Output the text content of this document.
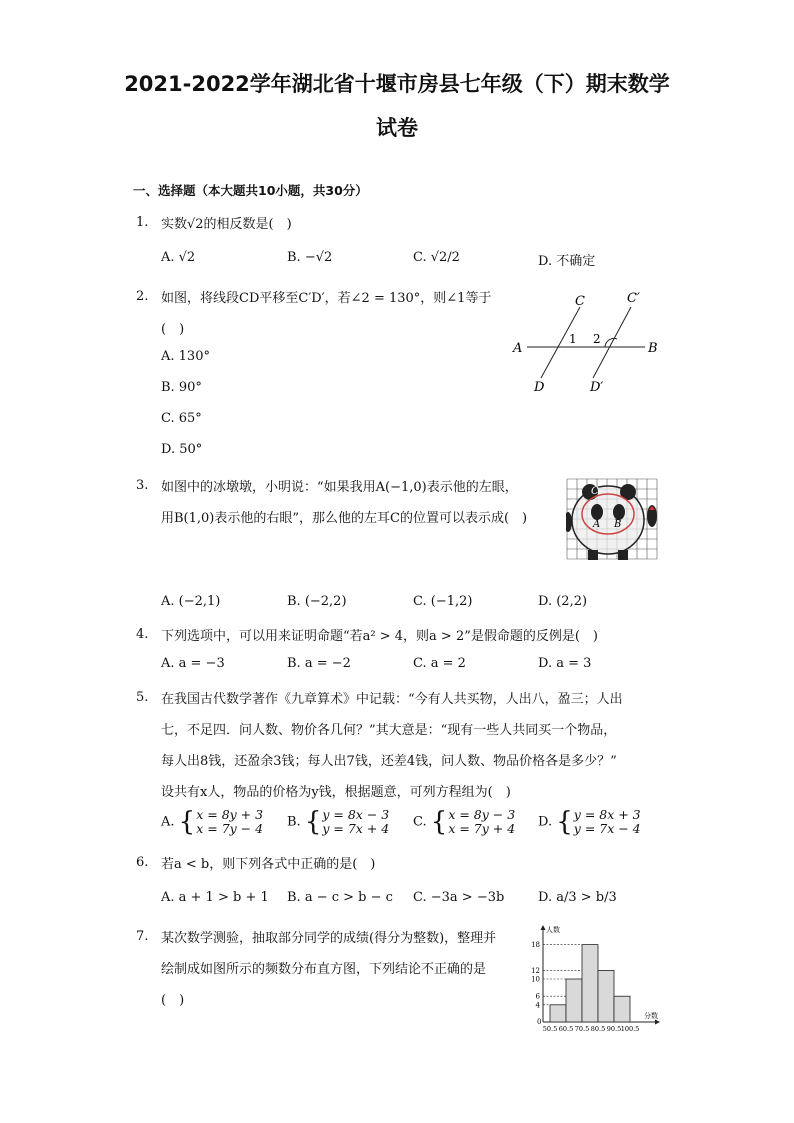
2021-2022学年湖北省十堰市房县七年级（下）期末数学
试卷
一、选择题（本大题共10小题，共30分）
1. 实数√2的相反数是(　)
A. √2	B. −√2	C. √2/2	D. 不确定
2. 如图，将线段CD平移至C′D′，若∠2 = 130°，则∠1等于
(　)
A. 130°
B. 90°
C. 65°
D. 50°
A	B
C	C′
D	D′
1 2
3. 如图中的冰墩墩，小明说：“如果我用A(−1,0)表示他的左眼，
用B(1,0)表示他的右眼”，那么他的左耳C的位置可以表示成(　)
C
A B
A. (−2,1)	B. (−2,2)	C. (−1,2)	D. (2,2)
4. 下列选项中，可以用来证明命题“若a² > 4，则a > 2”是假命题的反例是(　)
A. a = −3	B. a = −2	C. a = 2	D. a = 3
5. 在我国古代数学著作《九章算术》中记载：“今有人共买物，人出八，盈三；人出
七，不足四．问人数、物价各几何？”其大意是：“现有一些人共同买一个物品，
每人出8钱，还盈余3钱；每人出7钱，还差4钱，问人数、物品价格各是多少？”
设共有x人，物品的价格为y钱，根据题意，可列方程组为(　)
A. {x = 8y + 3
x = 7y − 4 B. {y = 8x − 3
y = 7x + 4 C. {x = 8y − 3
x = 7y + 4 D. {y = 8x + 3
y = 7x − 4
6. 若a < b，则下列各式中正确的是(　)
A. a + 1 > b + 1 B. a − c > b − c C. −3a > −3b	D. a/3 > b/3
7. 某次数学测验，抽取部分同学的成绩(得分为整数)，整理并
绘制成如图所示的频数分布直方图，下列结论不正确的是
(　)
人数
分数
0
4
6
10
12
18
50.5 60.5 70.5 80.5 90.5 100.5
